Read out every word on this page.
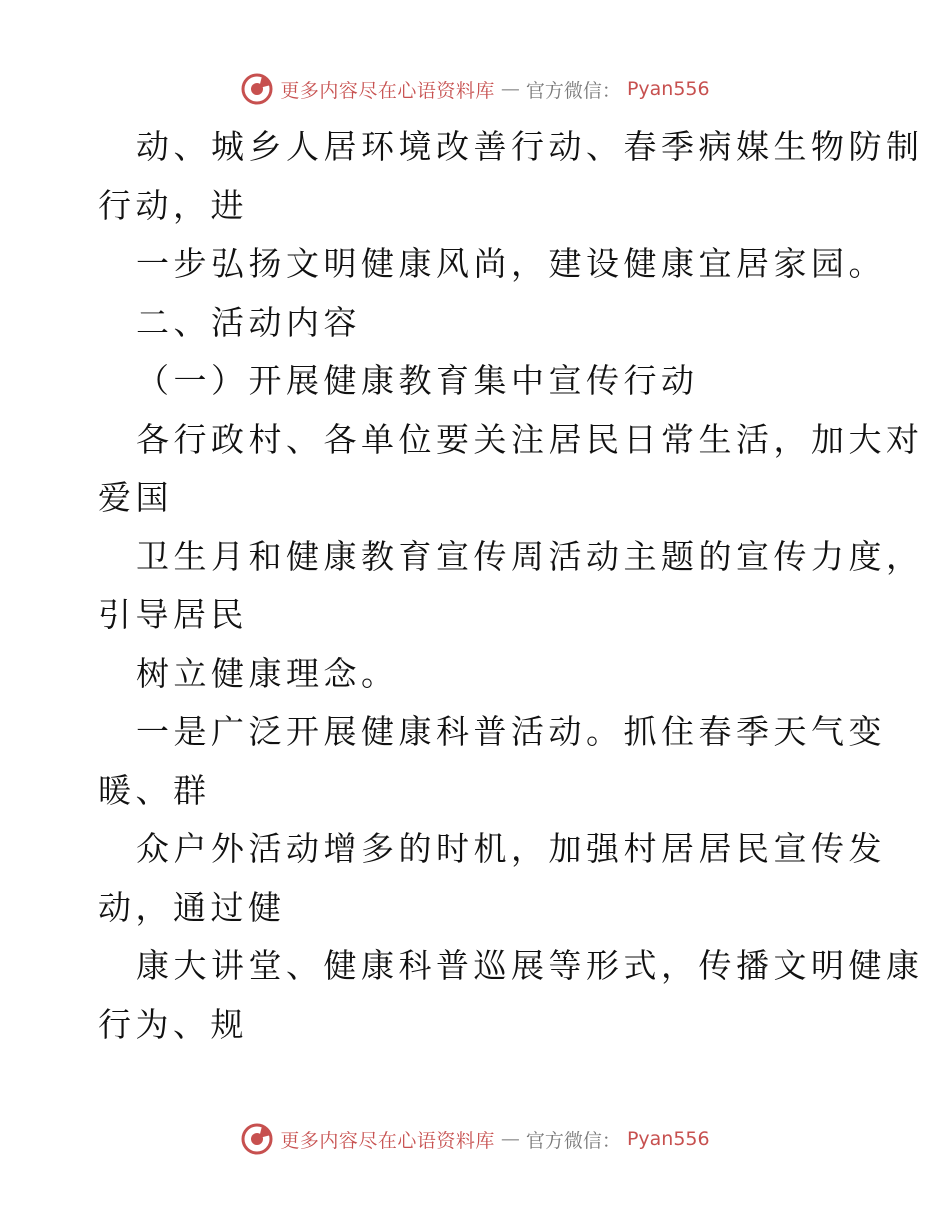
更多内容尽在心语资料库 — 官方微信： Pyan556
动、城乡人居环境改善行动、春季病媒生物防制
行动，进
一步弘扬文明健康风尚，建设健康宜居家园。
二、活动内容
（一）开展健康教育集中宣传行动
各行政村、各单位要关注居民日常生活，加大对
爱国
卫生月和健康教育宣传周活动主题的宣传力度，
引导居民
树立健康理念。
一是广泛开展健康科普活动。抓住春季天气变
暖、群
众户外活动增多的时机，加强村居居民宣传发
动，通过健
康大讲堂、健康科普巡展等形式，传播文明健康
行为、规
更多内容尽在心语资料库 — 官方微信： Pyan556
